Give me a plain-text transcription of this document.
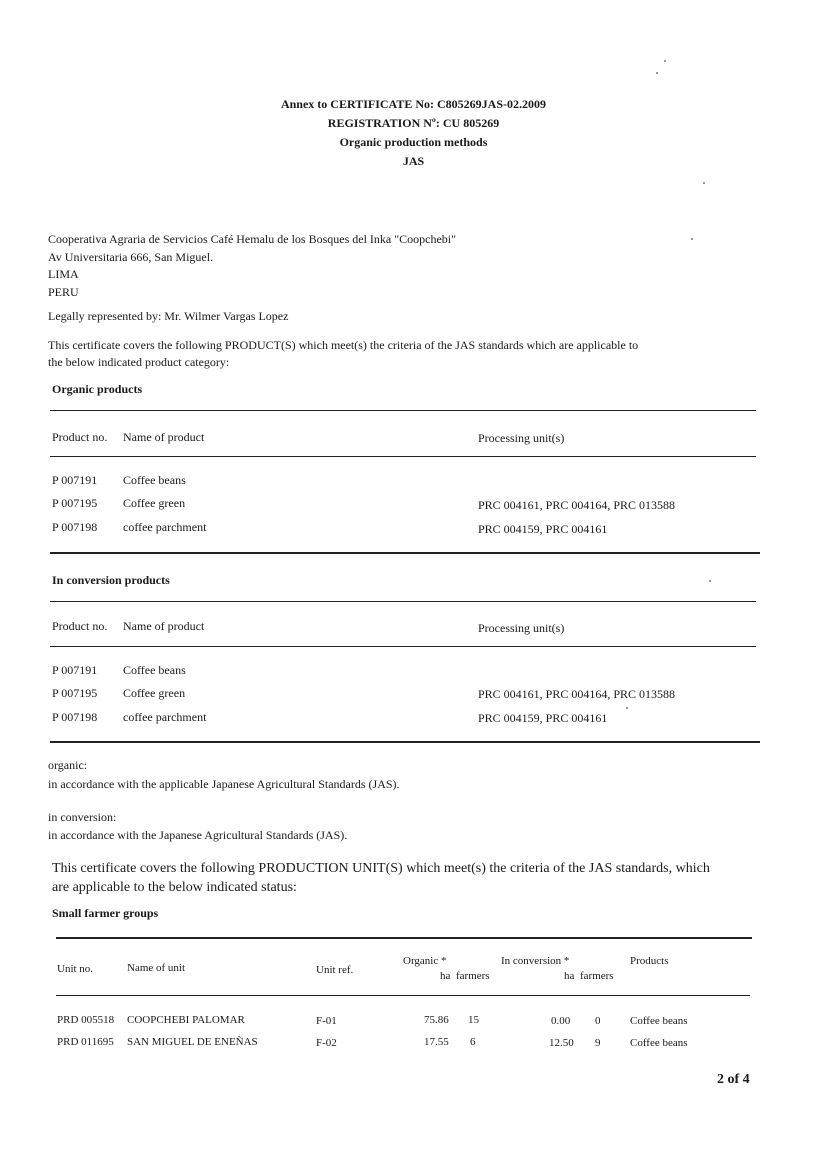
Annex to CERTIFICATE No: C805269JAS-02.2009
REGISTRATION Nº: CU 805269
Organic production methods
JAS
Cooperativa Agraria de Servicios Café Hemalu de los Bosques del Inka "Coopchebi"
Av Universitaria 666, San Miguel.
LIMA
PERU
Legally represented by: Mr. Wilmer Vargas Lopez
This certificate covers the following PRODUCT(S) which meet(s) the criteria of the JAS standards which are applicable to
the below indicated product category:
Organic products
Product no. Name of product	Processing unit(s)
P 007191 Coffee beans
P 007195 Coffee green	PRC 004161, PRC 004164, PRC 013588
P 007198 coffee parchment	PRC 004159, PRC 004161
In conversion products
Product no. Name of product	Processing unit(s)
P 007191 Coffee beans
P 007195 Coffee green	PRC 004161, PRC 004164, PRC 013588
P 007198 coffee parchment	PRC 004159, PRC 004161
organic:
in accordance with the applicable Japanese Agricultural Standards (JAS).
in conversion:
in accordance with the Japanese Agricultural Standards (JAS).
This certificate covers the following PRODUCTION UNIT(S) which meet(s) the criteria of the JAS standards, which
are applicable to the below indicated status:
Small farmer groups
Unit no.	Name of unit	Unit ref.
Organic *
ha farmers
In conversion *
ha farmers
Products
PRD 005518 COOPCHEBI PALOMAR	F-01	75.86 15	0.00 0	Coffee beans
PRD 011695 SAN MIGUEL DE ENEÑAS	F-02	17.55 6	12.50 9	Coffee beans
2 of 4
